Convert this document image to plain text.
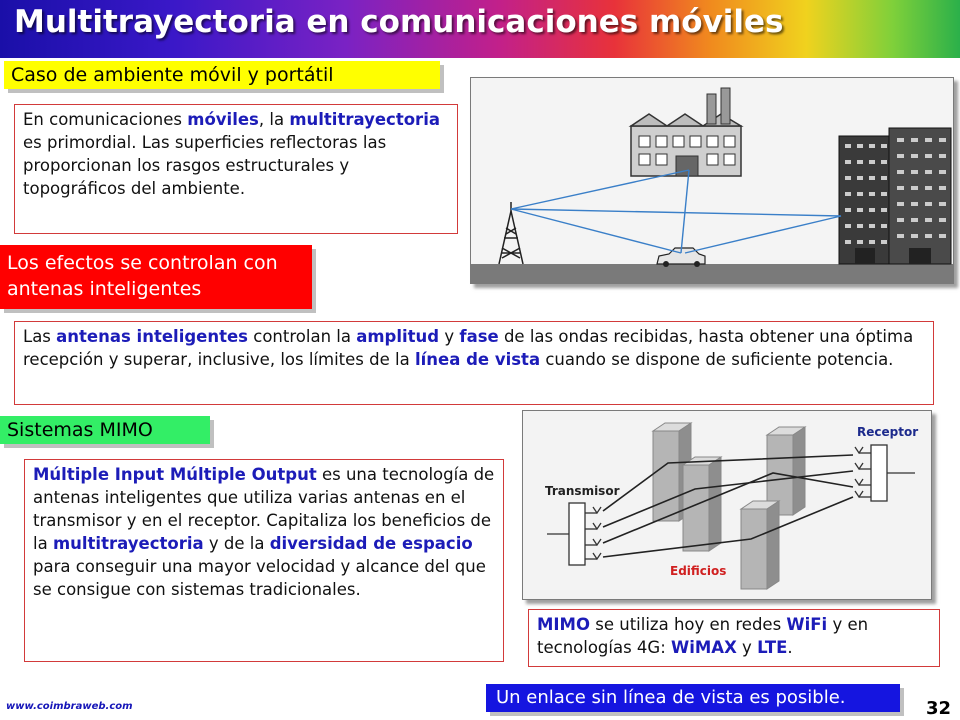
Multitrayectoria en comunicaciones móviles
Caso de ambiente móvil y portátil
En comunicaciones móviles, la multitrayectoria es primordial. Las superficies reflectoras las proporcionan los rasgos estructurales y topográficos del ambiente.
Los efectos se controlan con antenas inteligentes
Las antenas inteligentes controlan la amplitud y fase de las ondas recibidas, hasta obtener una óptima recepción y superar, inclusive, los límites de la línea de vista cuando se dispone de suficiente potencia.
Sistemas MIMO
Múltiple Input Múltiple Output es una tecnología de antenas inteligentes que utiliza varias antenas en el transmisor y en el receptor. Capitaliza los beneficios de la multitrayectoria y de la diversidad de espacio para conseguir una mayor velocidad y alcance del que se consigue con sistemas tradicionales.
Transmisor
Receptor
Edificios
MIMO se utiliza hoy en redes WiFi y en tecnologías 4G: WiMAX y LTE.
Un enlace sin línea de vista es posible.
www.coimbraweb.com	32
